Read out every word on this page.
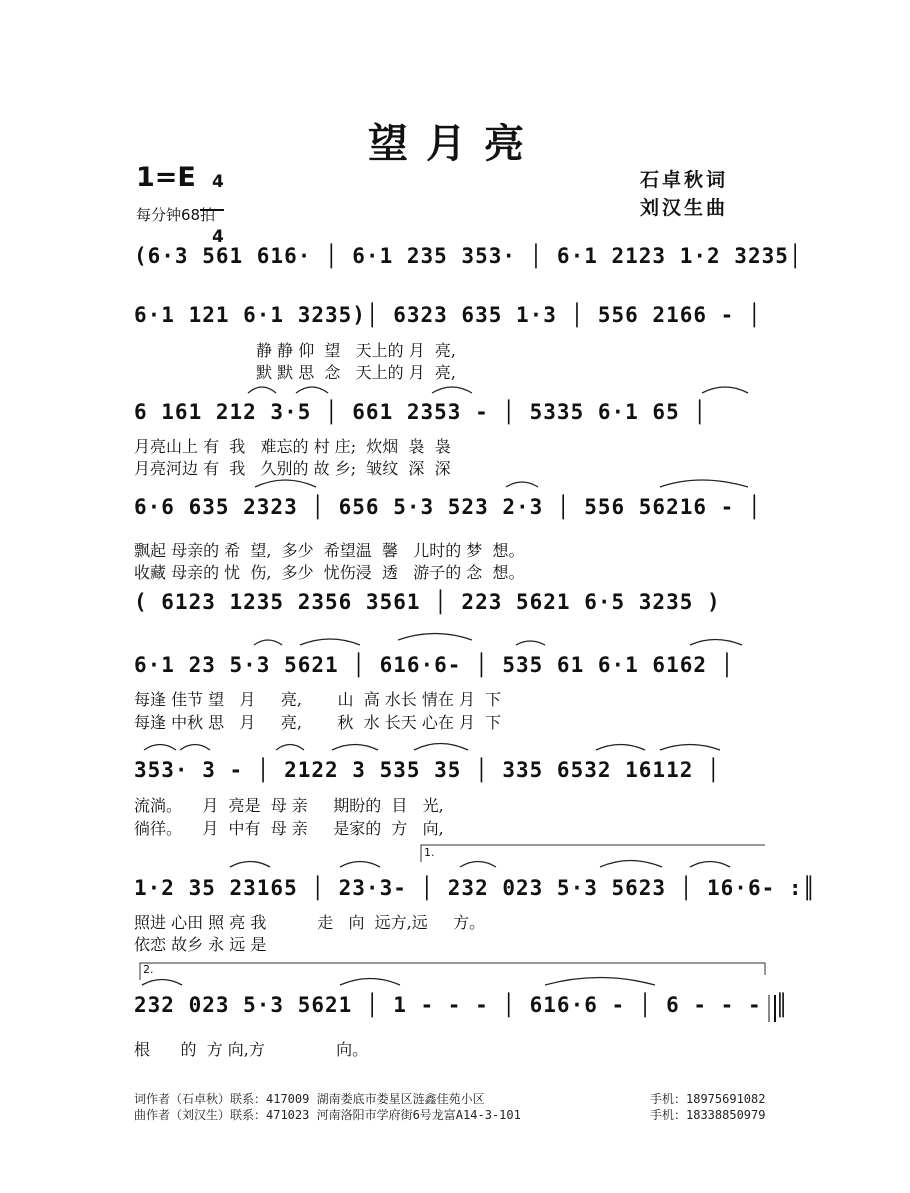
望月亮
1=E 4

4

每分钟68拍
石卓秋词
刘汉生曲
(6·3 561 616· │ 6·1 235 353· │ 6·1 2123 1·2 3235│
6·1 121 6·1 3235)│ 6323 635 1·3 │ 556 2166 - │
静 静 仰  望   天上的 月  亮,
默 默 思  念   天上的 月  亮,
6 161 212 3·5 │ 661 2353 - │ 5335 6·1 65 │
月亮山上 有  我   难忘的 村 庄;  炊烟  袅  袅
月亮河边 有  我   久别的 故 乡;  皱纹  深  深
6·6 635 2323 │ 656 5·3 523 2·3 │ 556 56216 - │
飘起 母亲的 希  望,  多少  希望温  馨   儿时的 梦  想。
收藏 母亲的 忧  伤,  多少  忧伤浸  透   游子的 念  想。
( 6123 1235 2356 3561 │ 223 5621 6·5 3235 )
6·1 23 5·3 5621 │ 616·6- │ 535 61 6·1 6162 │
每逢 佳节 望   月     亮,       山  高 水长 情在 月  下
每逢 中秋 思   月     亮,       秋  水 长天 心在 月  下
353· 3 - │ 2122 3 535 35 │ 335 6532 16112 │
流淌。    月  亮是  母 亲     期盼的  目   光,
徜徉。    月  中有  母 亲     是家的  方   向,
1·2 35 23165 │ 23·3- │ 232 023 5·3 5623 │ 16·6- :║
照进 心田 照 亮 我          走   向  远方,远     方。
依恋 故乡 永 远 是
232 023 5·3 5621 │ 1 - - - │ 616·6 - │ 6 - - - ║
根      的  方 向,方              向。
1.
2.
词作者（石卓秋）联系：417009 湖南娄底市娄星区涟鑫佳苑小区	手机：18975691082
曲作者（刘汉生）联系：471023 河南洛阳市学府街6号龙富A14-3-101	手机：18338850979
